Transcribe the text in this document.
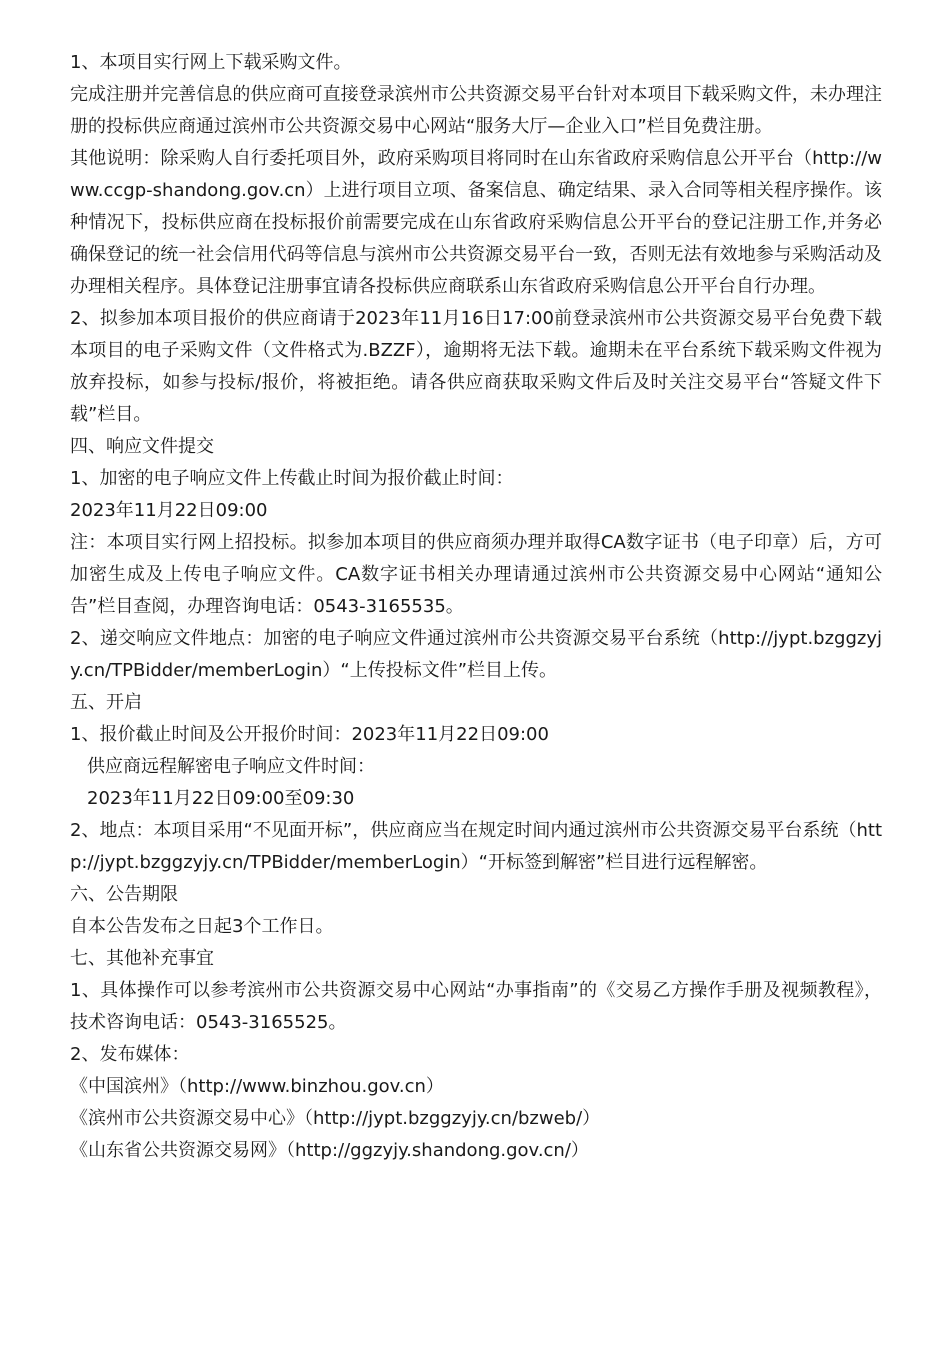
1、本项目实行网上下载采购文件。

完成注册并完善信息的供应商可直接登录滨州市公共资源交易平台针对本项目下载采购文件，未办理注册的投标供应商通过滨州市公共资源交易中心网站“服务大厅—企业入口”栏目免费注册。

其他说明：除采购人自行委托项目外，政府采购项目将同时在山东省政府采购信息公开平台（http://www.ccgp-shandong.gov.cn）上进行项目立项、备案信息、确定结果、录入合同等相关程序操作。该种情况下，投标供应商在投标报价前需要完成在山东省政府采购信息公开平台的登记注册工作,并务必确保登记的统一社会信用代码等信息与滨州市公共资源交易平台一致，否则无法有效地参与采购活动及办理相关程序。具体登记注册事宜请各投标供应商联系山东省政府采购信息公开平台自行办理。

2、拟参加本项目报价的供应商请于2023年11月16日17:00前登录滨州市公共资源交易平台免费下载本项目的电子采购文件（文件格式为.BZZF），逾期将无法下载。逾期未在平台系统下载采购文件视为放弃投标，如参与投标/报价，将被拒绝。请各供应商获取采购文件后及时关注交易平台“答疑文件下载”栏目。

四、响应文件提交

1、加密的电子响应文件上传截止时间为报价截止时间：

2023年11月22日09:00

注：本项目实行网上招投标。拟参加本项目的供应商须办理并取得CA数字证书（电子印章）后，方可加密生成及上传电子响应文件。CA数字证书相关办理请通过滨州市公共资源交易中心网站“通知公告”栏目查阅，办理咨询电话：0543-3165535。

2、递交响应文件地点：加密的电子响应文件通过滨州市公共资源交易平台系统（http://jypt.bzggzyjy.cn/TPBidder/memberLogin）“上传投标文件”栏目上传。

五、开启

1、报价截止时间及公开报价时间：2023年11月22日09:00

供应商远程解密电子响应文件时间：

2023年11月22日09:00至09:30

2、地点：本项目采用“不见面开标”，供应商应当在规定时间内通过滨州市公共资源交易平台系统（http://jypt.bzggzyjy.cn/TPBidder/memberLogin）“开标签到解密”栏目进行远程解密。

六、公告期限

自本公告发布之日起3个工作日。

七、其他补充事宜

1、具体操作可以参考滨州市公共资源交易中心网站“办事指南”的《交易乙方操作手册及视频教程》，技术咨询电话：0543-3165525。

2、发布媒体：

《中国滨州》（http://www.binzhou.gov.cn）

《滨州市公共资源交易中心》（http://jypt.bzggzyjy.cn/bzweb/）

《山东省公共资源交易网》（http://ggzyjy.shandong.gov.cn/）
